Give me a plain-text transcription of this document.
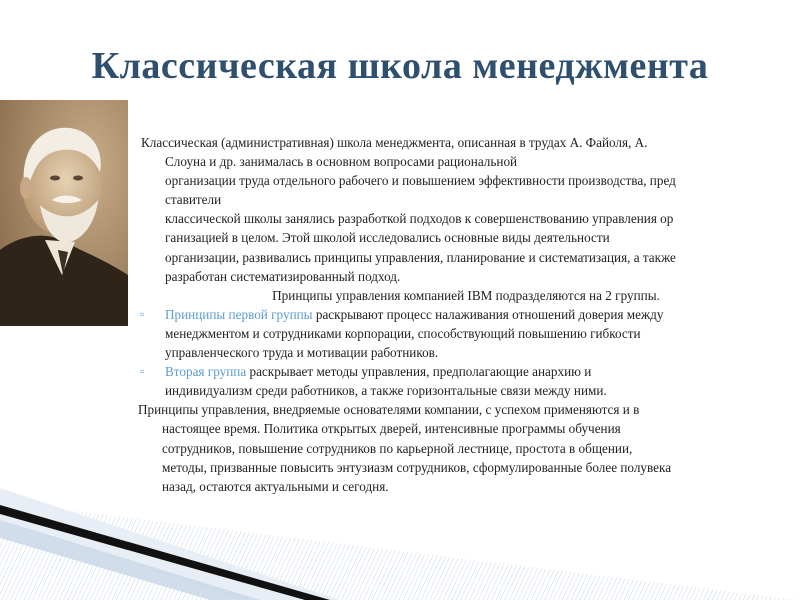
Классическая школа менеджмента

Классическая (административная) школа менеджмента, описанная в трудах А. Файоля, А.
Слоуна и др. занималась в основном вопросами рациональной
организации труда отдельного рабочего и повышением эффективности производства, пред
ставители
классической школы занялись разработкой подходов к совершенствованию управления ор
ганизацией в целом. Этой школой исследовались основные виды деятельности
организации, развивались принципы управления, планирование и систематизация, а также
разработан систематизированный подход.

Принципы управления компанией IBM подразделяются на 2 группы.

▫ Принципы первой группы раскрывают процесс налаживания отношений доверия между
менеджментом и сотрудниками корпорации, способствующий повышению гибкости
управленческого труда и мотивации работников.
▫ Вторая группа раскрывает методы управления, предполагающие анархию и
индивидуализм среди работников, а также горизонтальные связи между ними.

Принципы управления, внедряемые основателями компании, с успехом применяются и в
настоящее время. Политика открытых дверей, интенсивные программы обучения
сотрудников, повышение сотрудников по карьерной лестнице, простота в общении,
методы, призванные повысить энтузиазм сотрудников, сформулированные более полувека
назад, остаются актуальными и сегодня.
